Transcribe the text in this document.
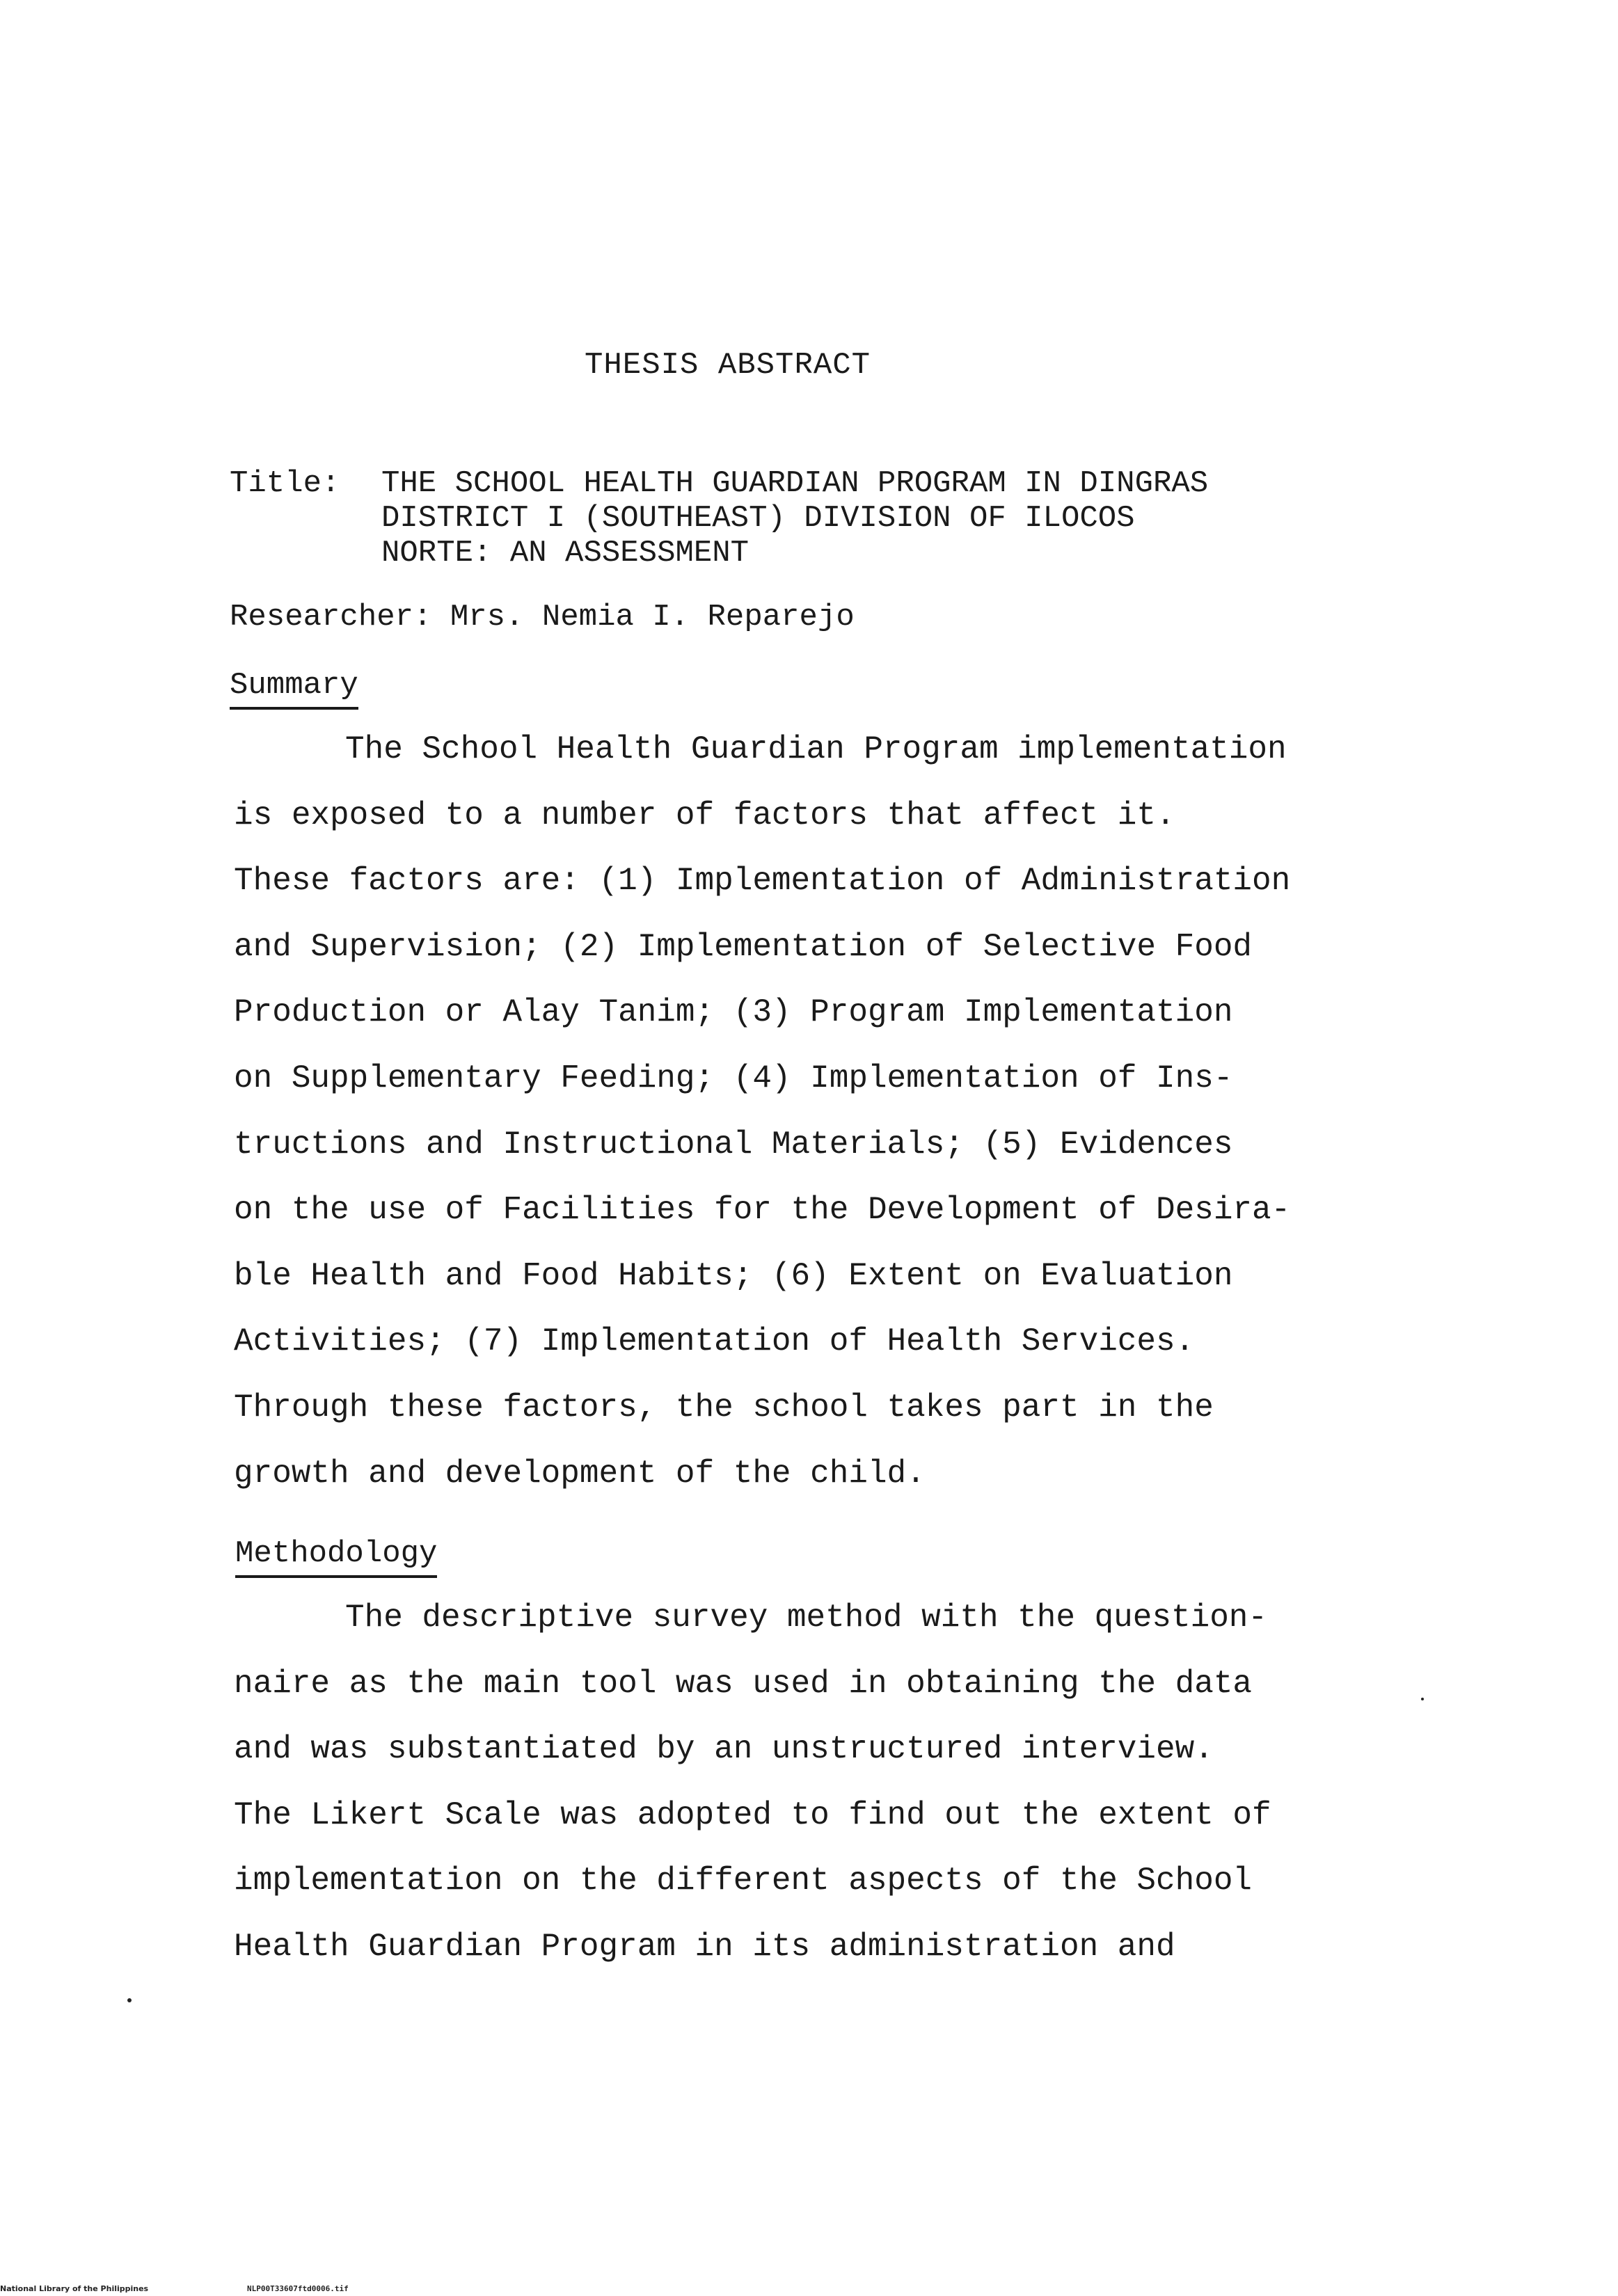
THESIS ABSTRACT
Title: THE SCHOOL HEALTH GUARDIAN PROGRAM IN DINGRAS
DISTRICT I (SOUTHEAST) DIVISION OF ILOCOS
NORTE: AN ASSESSMENT
Researcher: Mrs. Nemia I. Reparejo
Summary
The School Health Guardian Program implementation
is exposed to a number of factors that affect it.
These factors are: (1) Implementation of Administration
and Supervision; (2) Implementation of Selective Food
Production or Alay Tanim; (3) Program Implementation
on Supplementary Feeding; (4) Implementation of Ins-
tructions and Instructional Materials; (5) Evidences
on the use of Facilities for the Development of Desira-
ble Health and Food Habits; (6) Extent on Evaluation
Activities; (7) Implementation of Health Services.
Through these factors, the school takes part in the
growth and development of the child.
Methodology
The descriptive survey method with the question-
naire as the main tool was used in obtaining the data
and was substantiated by an unstructured interview.
The Likert Scale was adopted to find out the extent of
implementation on the different aspects of the School
Health Guardian Program in its administration and
National Library of the Philippines	NLP00T33607ftd0006.tif
